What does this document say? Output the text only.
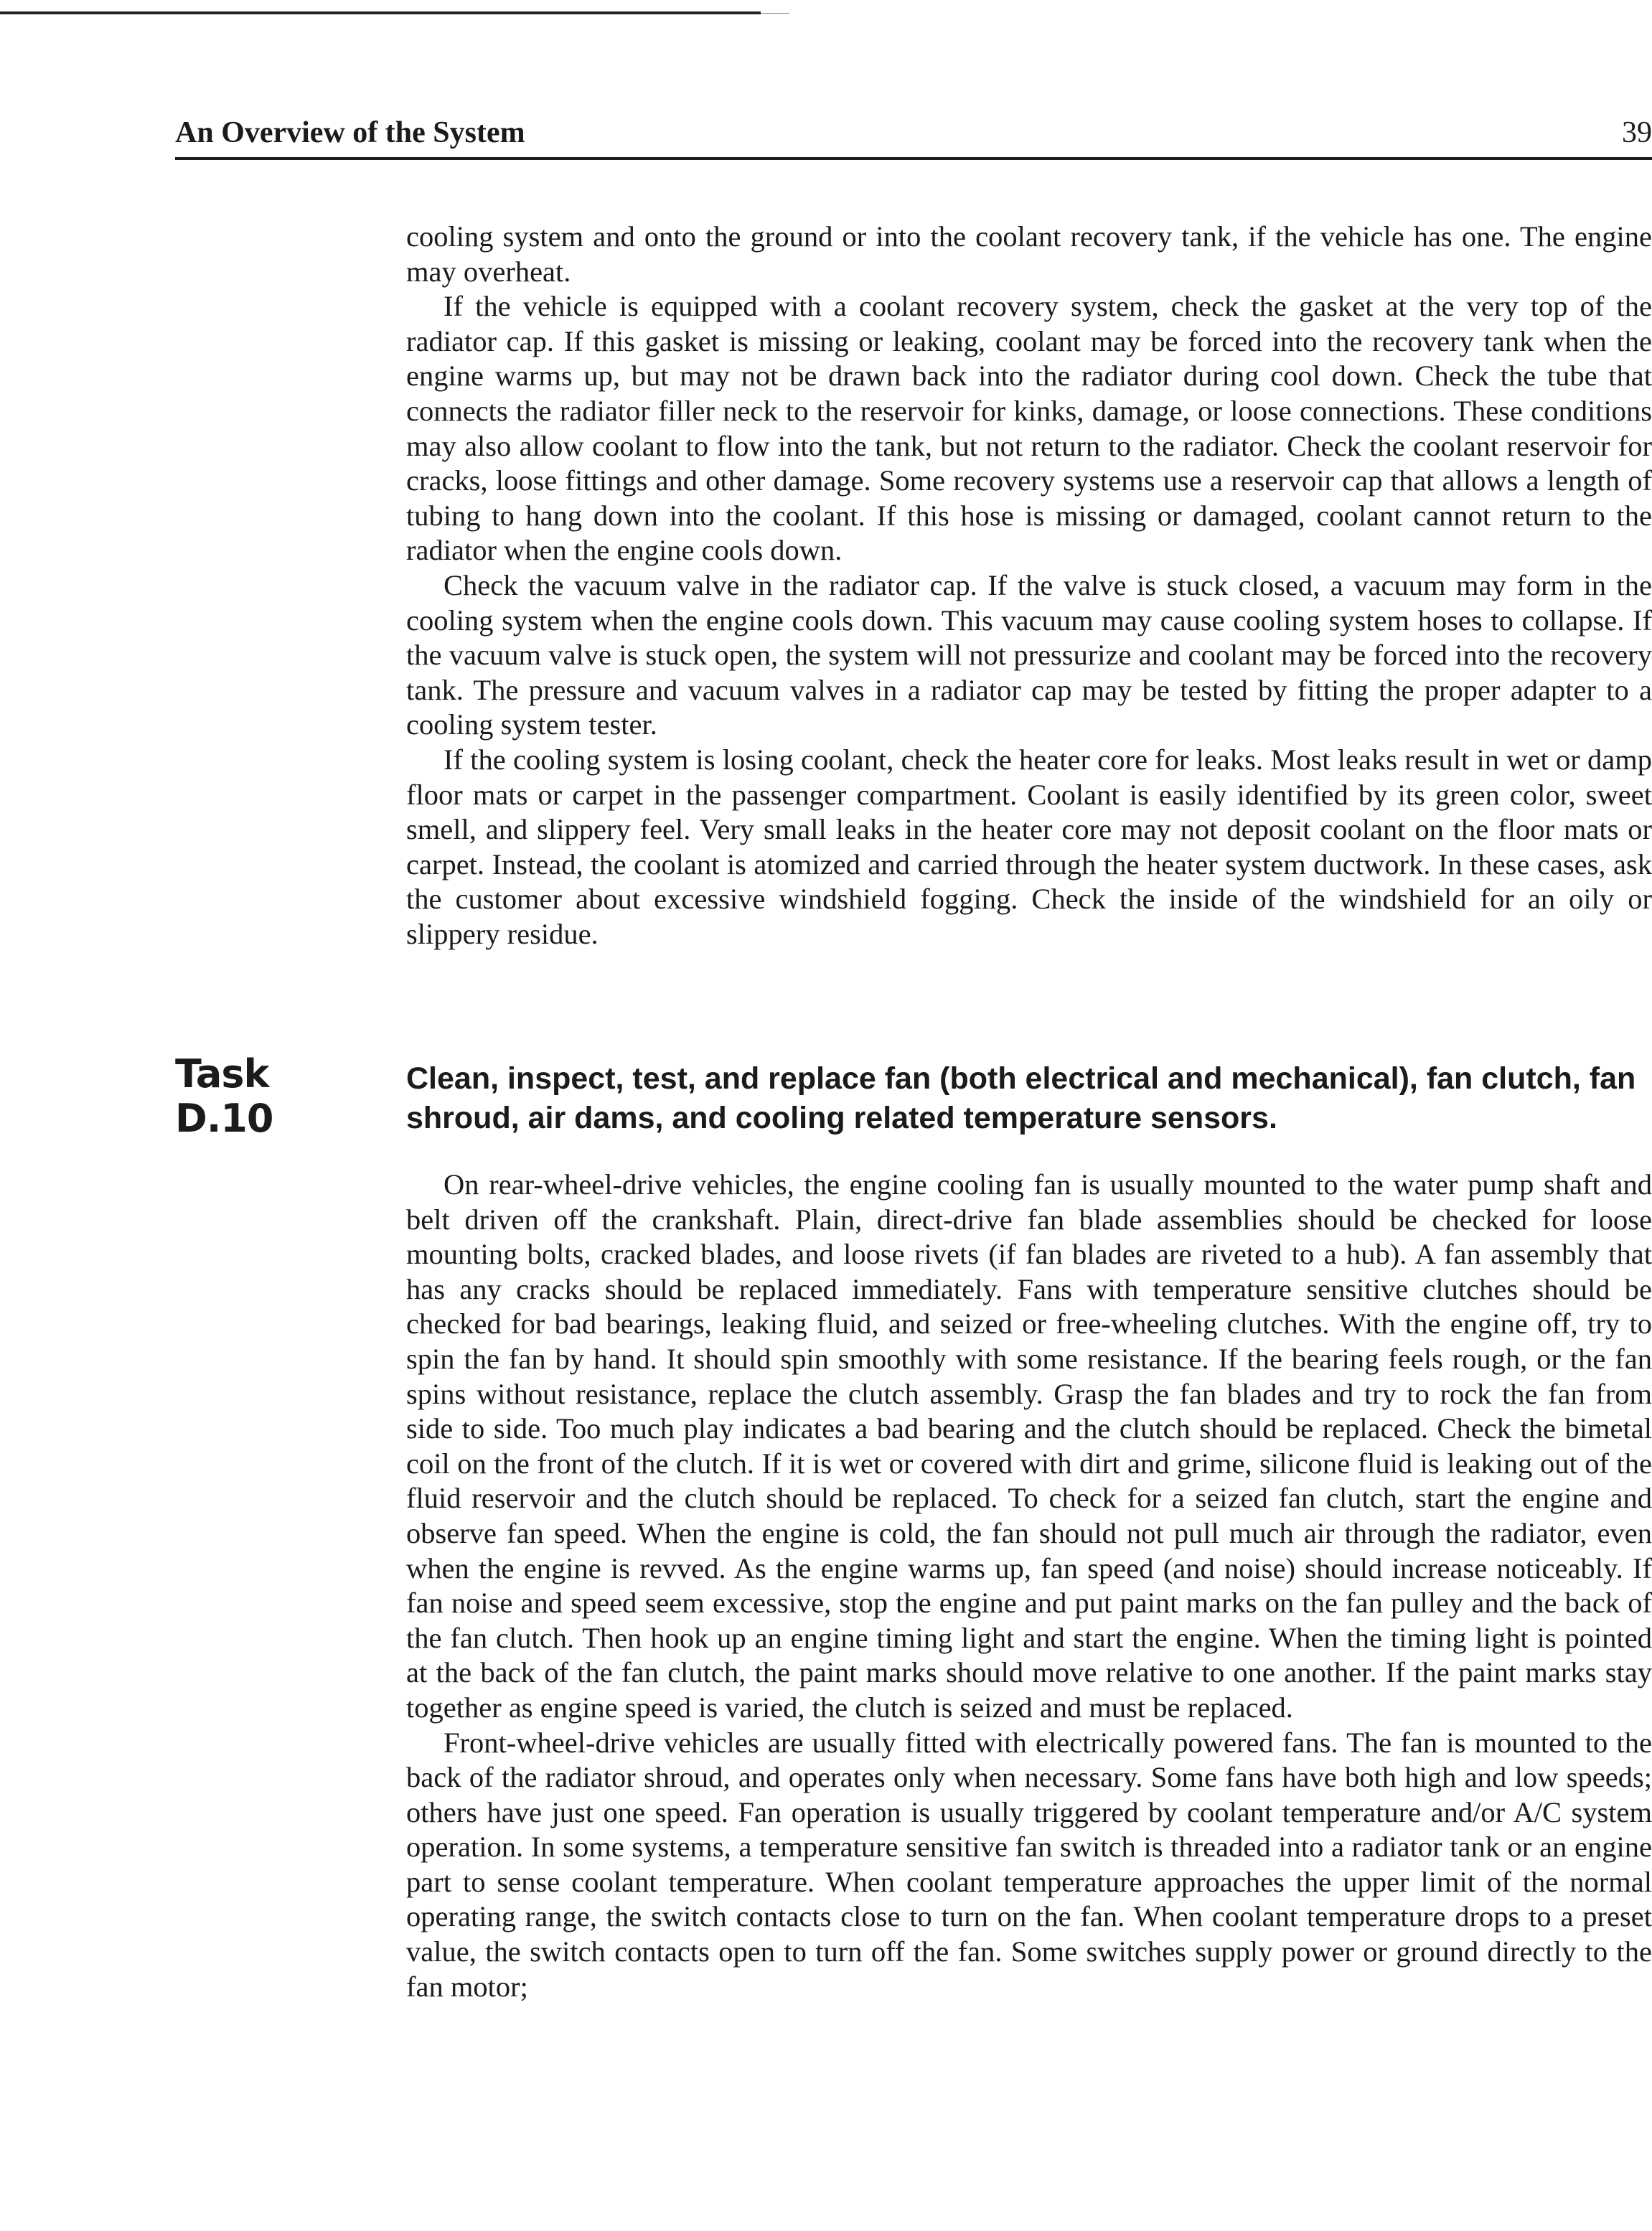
An Overview of the System	39

cooling system and onto the ground or into the coolant recovery tank, if the vehicle has one. The engine may overheat.

If the vehicle is equipped with a coolant recovery system, check the gasket at the very top of the radiator cap. If this gasket is missing or leaking, coolant may be forced into the recovery tank when the engine warms up, but may not be drawn back into the radiator during cool down. Check the tube that connects the radiator filler neck to the reservoir for kinks, damage, or loose connections. These conditions may also allow coolant to flow into the tank, but not return to the radiator. Check the coolant reservoir for cracks, loose fittings and other damage. Some recovery systems use a reservoir cap that allows a length of tubing to hang down into the coolant. If this hose is missing or damaged, coolant cannot return to the radiator when the engine cools down.

Check the vacuum valve in the radiator cap. If the valve is stuck closed, a vacuum may form in the cooling system when the engine cools down. This vacuum may cause cooling system hoses to collapse. If the vacuum valve is stuck open, the system will not pressurize and coolant may be forced into the recovery tank. The pressure and vacuum valves in a radiator cap may be tested by fitting the proper adapter to a cooling system tester.

If the cooling system is losing coolant, check the heater core for leaks. Most leaks result in wet or damp floor mats or carpet in the passenger compartment. Coolant is easily identified by its green color, sweet smell, and slippery feel. Very small leaks in the heater core may not deposit coolant on the floor mats or carpet. Instead, the coolant is atomized and carried through the heater system ductwork. In these cases, ask the customer about excessive windshield fogging. Check the inside of the windshield for an oily or slippery residue.

Task
D.10
Clean, inspect, test, and replace fan (both electrical and mechanical), fan clutch, fan shroud, air dams, and cooling related temperature sensors.

On rear-wheel-drive vehicles, the engine cooling fan is usually mounted to the water pump shaft and belt driven off the crankshaft. Plain, direct-drive fan blade assemblies should be checked for loose mounting bolts, cracked blades, and loose rivets (if fan blades are riveted to a hub). A fan assembly that has any cracks should be replaced immediately. Fans with temperature sensitive clutches should be checked for bad bearings, leaking fluid, and seized or free-wheeling clutches. With the engine off, try to spin the fan by hand. It should spin smoothly with some resistance. If the bearing feels rough, or the fan spins without resistance, replace the clutch assembly. Grasp the fan blades and try to rock the fan from side to side. Too much play indicates a bad bearing and the clutch should be replaced. Check the bimetal coil on the front of the clutch. If it is wet or covered with dirt and grime, silicone fluid is leaking out of the fluid reservoir and the clutch should be replaced. To check for a seized fan clutch, start the engine and observe fan speed. When the engine is cold, the fan should not pull much air through the radiator, even when the engine is revved. As the engine warms up, fan speed (and noise) should increase noticeably. If fan noise and speed seem excessive, stop the engine and put paint marks on the fan pulley and the back of the fan clutch. Then hook up an engine timing light and start the engine. When the timing light is pointed at the back of the fan clutch, the paint marks should move relative to one another. If the paint marks stay together as engine speed is varied, the clutch is seized and must be replaced.

Front-wheel-drive vehicles are usually fitted with electrically powered fans. The fan is mounted to the back of the radiator shroud, and operates only when necessary. Some fans have both high and low speeds; others have just one speed. Fan operation is usually triggered by coolant temperature and/or A/C system operation. In some systems, a temperature sensitive fan switch is threaded into a radiator tank or an engine part to sense coolant temperature. When coolant temperature approaches the upper limit of the normal operating range, the switch contacts close to turn on the fan. When coolant temperature drops to a preset value, the switch contacts open to turn off the fan. Some switches supply power or ground directly to the fan motor;
